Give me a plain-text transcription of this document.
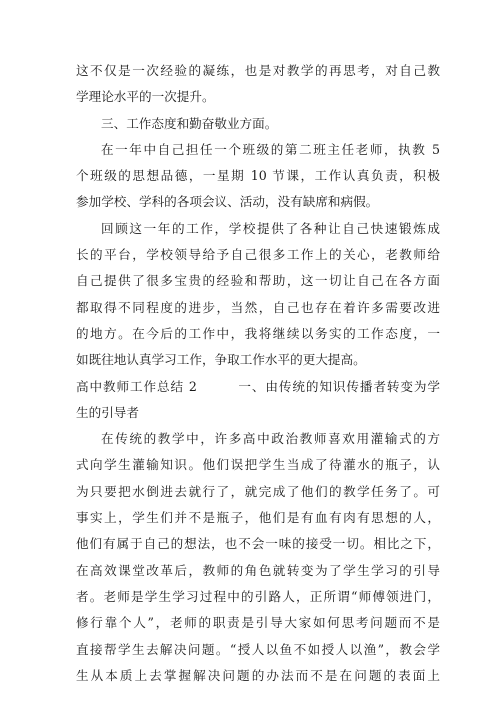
这不仅是一次经验的凝练，也是对教学的再思考，对自己教
学理论水平的一次提升。
三、工作态度和勤奋敬业方面。
在一年中自己担任一个班级的第二班主任老师，执教 5
个班级的思想品德，一星期 10 节课，工作认真负责，积极
参加学校、学科的各项会议、活动，没有缺席和病假。
回顾这一年的工作，学校提供了各种让自己快速锻炼成
长的平台，学校领导给予自己很多工作上的关心，老教师给
自己提供了很多宝贵的经验和帮助，这一切让自己在各方面
都取得不同程度的进步，当然，自己也存在着许多需要改进
的地方。在今后的工作中，我将继续以务实的工作态度，一
如既往地认真学习工作，争取工作水平的更大提高。
高中教师工作总结 2　　　一、由传统的知识传播者转变为学
生的引导者
在传统的教学中，许多高中政治教师喜欢用灌输式的方
式向学生灌输知识。他们误把学生当成了待灌水的瓶子，认
为只要把水倒进去就行了，就完成了他们的教学任务了。可
事实上，学生们并不是瓶子，他们是有血有肉有思想的人，
他们有属于自己的想法，也不会一味的接受一切。相比之下，
在高效课堂改革后，教师的角色就转变为了学生学习的引导
者。老师是学生学习过程中的引路人，正所谓“师傅领进门，
修行靠个人”，老师的职责是引导大家如何思考问题而不是
直接帮学生去解决问题。“授人以鱼不如授人以渔”，教会学
生从本质上去掌握解决问题的办法而不是在问题的表面上
